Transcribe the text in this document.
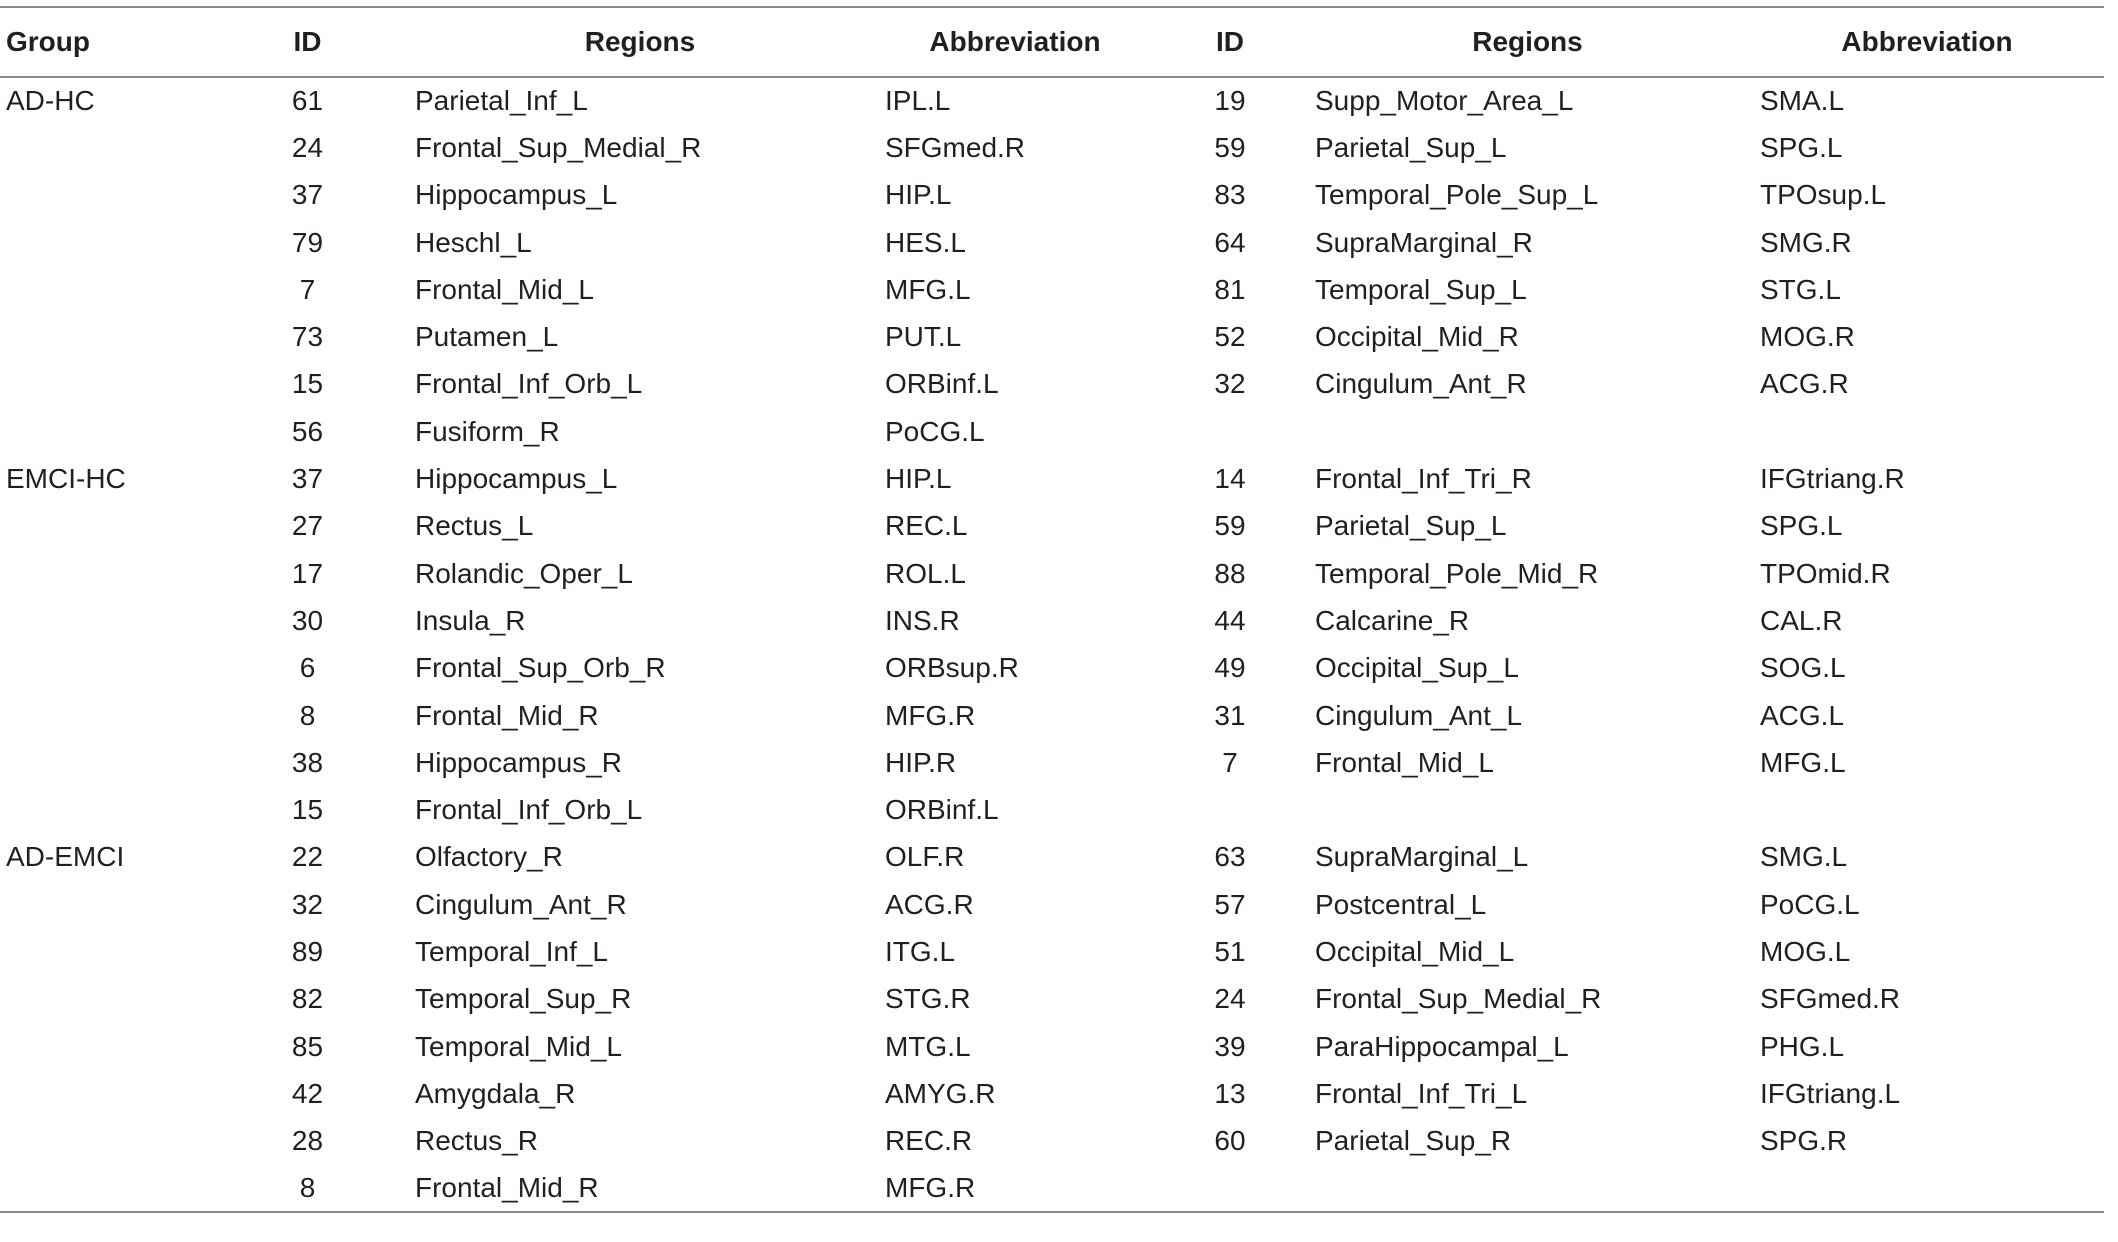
Group	ID	Regions	Abbreviation	ID	Regions	Abbreviation
AD-HC	61	Parietal_Inf_L	IPL.L	19	Supp_Motor_Area_L	SMA.L
	24	Frontal_Sup_Medial_R	SFGmed.R	59	Parietal_Sup_L	SPG.L
	37	Hippocampus_L	HIP.L	83	Temporal_Pole_Sup_L	TPOsup.L
	79	Heschl_L	HES.L	64	SupraMarginal_R	SMG.R
	7	Frontal_Mid_L	MFG.L	81	Temporal_Sup_L	STG.L
	73	Putamen_L	PUT.L	52	Occipital_Mid_R	MOG.R
	15	Frontal_Inf_Orb_L	ORBinf.L	32	Cingulum_Ant_R	ACG.R
	56	Fusiform_R	PoCG.L			
EMCI-HC	37	Hippocampus_L	HIP.L	14	Frontal_Inf_Tri_R	IFGtriang.R
	27	Rectus_L	REC.L	59	Parietal_Sup_L	SPG.L
	17	Rolandic_Oper_L	ROL.L	88	Temporal_Pole_Mid_R	TPOmid.R
	30	Insula_R	INS.R	44	Calcarine_R	CAL.R
	6	Frontal_Sup_Orb_R	ORBsup.R	49	Occipital_Sup_L	SOG.L
	8	Frontal_Mid_R	MFG.R	31	Cingulum_Ant_L	ACG.L
	38	Hippocampus_R	HIP.R	7	Frontal_Mid_L	MFG.L
	15	Frontal_Inf_Orb_L	ORBinf.L			
AD-EMCI	22	Olfactory_R	OLF.R	63	SupraMarginal_L	SMG.L
	32	Cingulum_Ant_R	ACG.R	57	Postcentral_L	PoCG.L
	89	Temporal_Inf_L	ITG.L	51	Occipital_Mid_L	MOG.L
	82	Temporal_Sup_R	STG.R	24	Frontal_Sup_Medial_R	SFGmed.R
	85	Temporal_Mid_L	MTG.L	39	ParaHippocampal_L	PHG.L
	42	Amygdala_R	AMYG.R	13	Frontal_Inf_Tri_L	IFGtriang.L
	28	Rectus_R	REC.R	60	Parietal_Sup_R	SPG.R
	8	Frontal_Mid_R	MFG.R			
